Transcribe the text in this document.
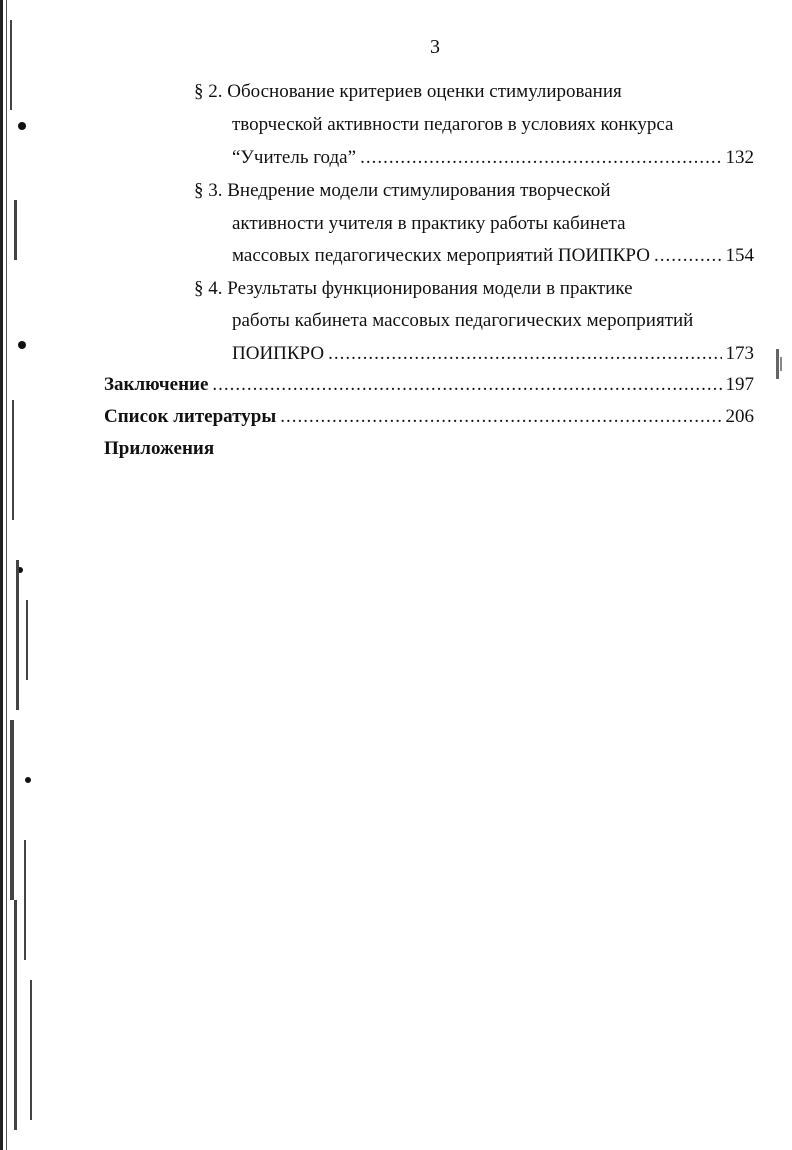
3
§ 2. Обоснование критериев оценки стимулирования
творческой активности педагогов в условиях конкурса
“Учитель года” .....	132
§ 3. Внедрение модели стимулирования творческой
активности учителя в практику работы кабинета
массовых педагогических мероприятий ПОИПКРО .....	154
§ 4. Результаты функционирования модели в практике
работы кабинета массовых педагогических мероприятий
ПОИПКРО .....	173
Заключение .....	197
Список литературы .....	206
Приложения
